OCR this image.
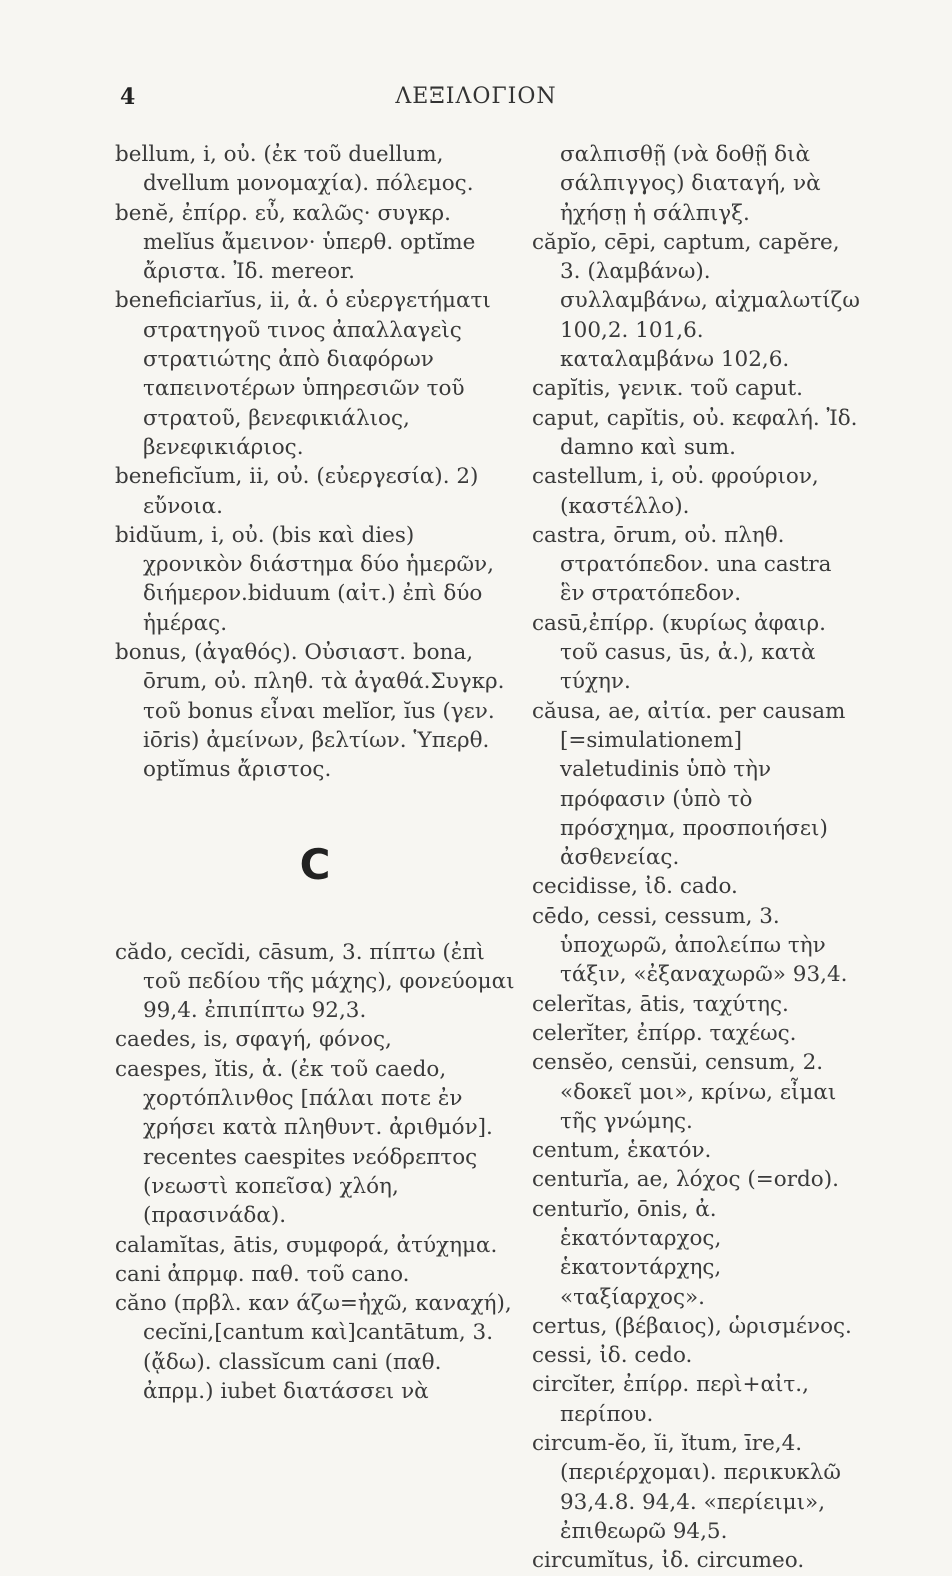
4	ΛΕΞΙΛΟΓΙΟΝ

bellum, i, οὐ. (ἐκ τοῦ duellum, dvellum μονομαχία). πόλεμος.

benĕ, ἐπίρρ. εὖ, καλῶς· συγκρ. melĭus ἄμεινον· ὑπερθ. optĭme ἄριστα. Ἰδ. mereor.

beneficiarĭus, ii, ἀ. ὁ εὐεργετήματι στρατηγοῦ τινος ἀπαλλαγεὶς στρατιώτης ἀπὸ διαφόρων ταπεινοτέρων ὑπηρεσιῶν τοῦ στρατοῦ, βενεφικιάλιος, βενεφικιάριος.

beneficĭum, ii, οὐ. (εὐεργεσία). 2) εὔνοια.

bidŭum, i, οὐ. (bis καὶ dies) χρονικὸν διάστημα δύο ἡμερῶν, διήμερον.biduum (αἰτ.) ἐπὶ δύο ἡμέρας.

bonus, (ἀγαθός). Οὐσιαστ. bona, ōrum, οὐ. πληθ. τὰ ἀγαθά.Συγκρ. τοῦ bonus εἶναι melĭor, ĭus (γεν. iōris) ἀμείνων, βελτίων. Ὑπερθ. optĭmus ἄριστος.

C

cădo, cecĭdi, cāsum, 3. πίπτω (ἐπὶ τοῦ πεδίου τῆς μάχης), φονεύομαι 99,4. ἐπιπίπτω 92,3.

caedes, is, σφαγή, φόνος,

caespes, ĭtis, ἀ. (ἐκ τοῦ caedo, χορτόπλινθος [πάλαι ποτε ἐν χρήσει κατὰ πληθυντ. ἀριθμόν]. recentes caespites νεόδρεπτος (νεωστὶ κοπεῖσα) χλόη, (πρασινάδα).

calamĭtas, ātis, συμφορά, ἀτύχημα.

cani ἀπρμφ. παθ. τοῦ cano.

căno (πρβλ. καν άζω=ἠχῶ, καναχή), cecĭni,[cantum καὶ]cantātum, 3. (ᾄδω). classĭcum cani (παθ. ἀπρμ.) iubet διατάσσει νὰ

σαλπισθῇ (νὰ δοθῇ διὰ σάλπιγγος) διαταγή, νὰ ἠχήσῃ ἡ σάλπιγξ.

căpĭo, cēpi, captum, capĕre, 3. (λαμβάνω). συλλαμβάνω, αἰχμαλωτίζω 100,2. 101,6. καταλαμβάνω 102,6.

capĭtis, γενικ. τοῦ caput.

caput, capĭtis, οὐ. κεφαλή. Ἰδ. damno καὶ sum.

castellum, i, οὐ. φρούριον, (καστέλλο).

castra, ōrum, οὐ. πληθ. στρατόπεδον. una castra ἓν στρατόπεδον.

casū,ἐπίρρ. (κυρίως ἀφαιρ. τοῦ casus, ūs, ἀ.), κατὰ τύχην.

căusa, ae, αἰτία. per causam [=simulationem] valetudinis ὑπὸ τὴν πρόφασιν (ὑπὸ τὸ πρόσχημα, προσποιήσει) ἀσθενείας.

cecidisse, ἰδ. cado.

cēdo, cessi, cessum, 3. ὑποχωρῶ, ἀπολείπω τὴν τάξιν, «ἐξαναχωρῶ» 93,4.

celerĭtas, ātis, ταχύτης.

celerĭter, ἐπίρρ. ταχέως.

censĕo, censŭi, censum, 2. «δοκεῖ μοι», κρίνω, εἶμαι τῆς γνώμης.

centum, ἑκατόν.

centurĭa, ae, λόχος (=ordo).

centurĭo, ōnis, ἀ. ἑκατόνταρχος, ἑκατοντάρχης, «ταξίαρχος».

certus, (βέβαιος), ὡρισμένος.

cessi, ἰδ. cedo.

circĭter, ἐπίρρ. περὶ+αἰτ., περίπου.

circum-ĕo, ĭi, ĭtum, īre,4.(περιέρχομαι). περικυκλῶ 93,4.8. 94,4. «περίειμι», ἐπιθεωρῶ 94,5.

circumĭtus, ἰδ. circumeo.
